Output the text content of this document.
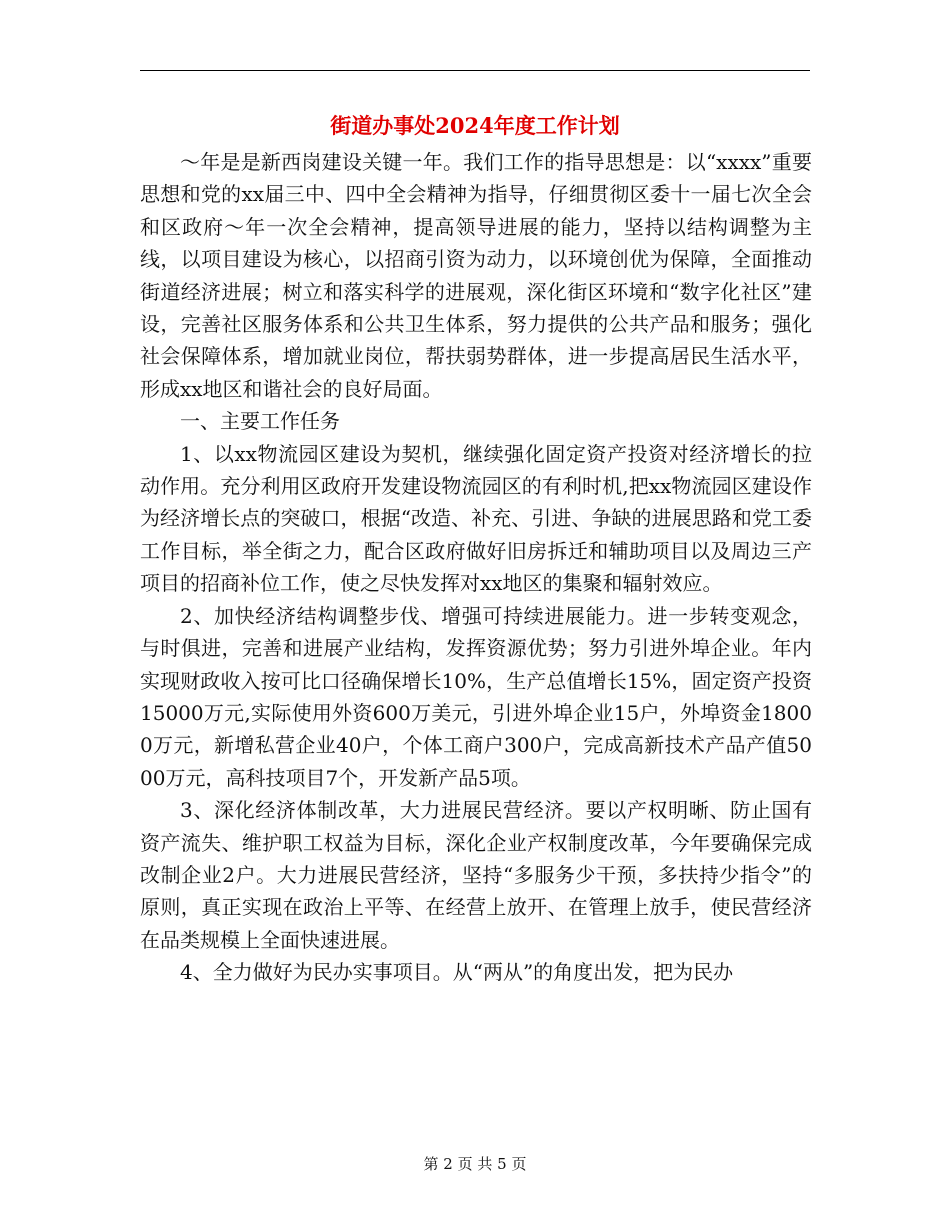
街道办事处2024年度工作计划

～年是是新西岗建设关键一年。我们工作的指导思想是：以“xxxx”重要思想和党的xx届三中、四中全会精神为指导，仔细贯彻区委十一届七次全会和区政府～年一次全会精神，提高领导进展的能力，坚持以结构调整为主线，以项目建设为核心，以招商引资为动力，以环境创优为保障，全面推动街道经济进展；树立和落实科学的进展观，深化街区环境和“数字化社区”建设，完善社区服务体系和公共卫生体系，努力提供的公共产品和服务；强化社会保障体系，增加就业岗位，帮扶弱势群体，进一步提高居民生活水平，形成xx地区和谐社会的良好局面。

一、主要工作任务

1、以xx物流园区建设为契机，继续强化固定资产投资对经济增长的拉动作用。充分利用区政府开发建设物流园区的有利时机,把xx物流园区建设作为经济增长点的突破口，根据“改造、补充、引进、争缺的进展思路和党工委工作目标，举全街之力，配合区政府做好旧房拆迁和辅助项目以及周边三产项目的招商补位工作，使之尽快发挥对xx地区的集聚和辐射效应。

2、加快经济结构调整步伐、增强可持续进展能力。进一步转变观念，与时俱进，完善和进展产业结构，发挥资源优势；努力引进外埠企业。年内实现财政收入按可比口径确保增长10%，生产总值增长15%，固定资产投资15000万元,实际使用外资600万美元，引进外埠企业15户，外埠资金18000万元，新增私营企业40户，个体工商户300户，完成高新技术产品产值5000万元，高科技项目7个，开发新产品5项。

3、深化经济体制改革，大力进展民营经济。要以产权明晰、防止国有资产流失、维护职工权益为目标，深化企业产权制度改革，今年要确保完成改制企业2户。大力进展民营经济，坚持“多服务少干预，多扶持少指令”的原则，真正实现在政治上平等、在经营上放开、在管理上放手，使民营经济在品类规模上全面快速进展。

4、全力做好为民办实事项目。从“两从”的角度出发，把为民办

第 2 页 共 5 页
